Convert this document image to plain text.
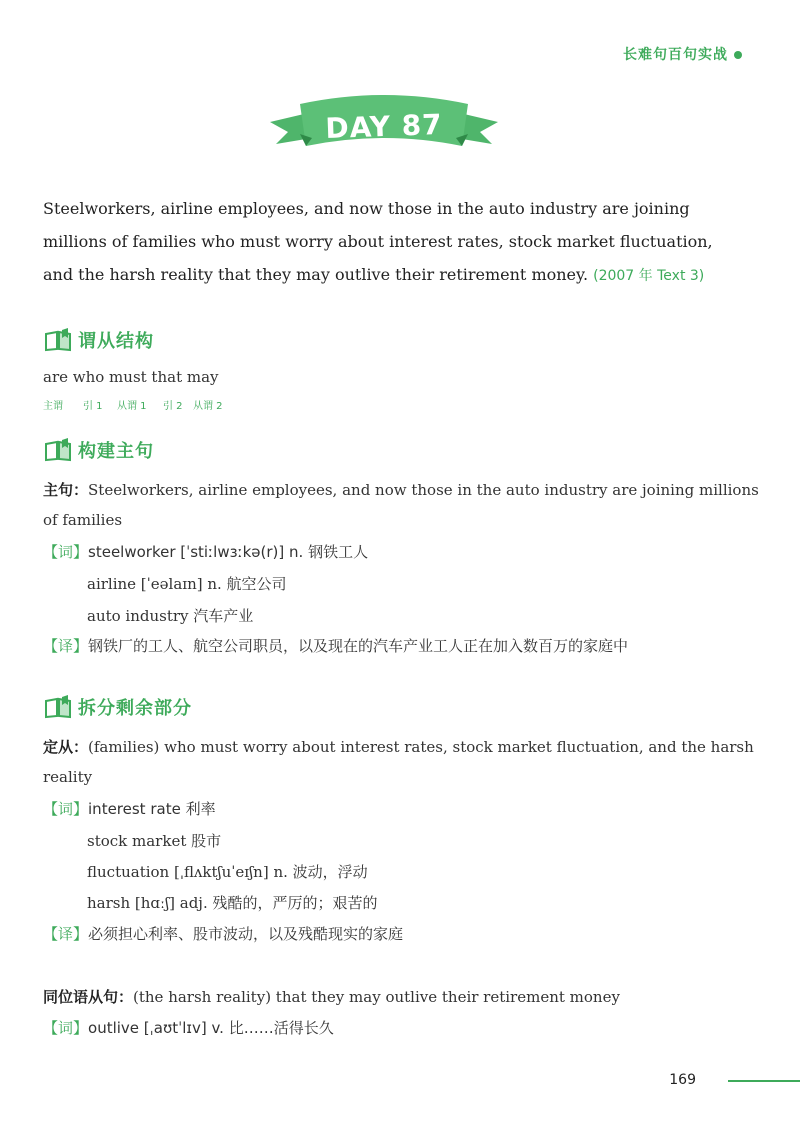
长难句百句实战
DAY 87

Steelworkers, airline employees, and now those in the auto industry are joining millions of families who must worry about interest rates, stock market fluctuation, and the harsh reality that they may outlive their retirement money. (2007 年 Text 3)

谓从结构
are who must that may
主谓 引 1 从谓 1 引 2 从谓 2
构建主句
主句：Steelworkers, airline employees, and now those in the auto industry are joining millions
of families
【词】steelworker [ˈstiːlwɜːkə(r)] n. 钢铁工人
airline [ˈeəlaɪn] n. 航空公司
auto industry 汽车产业
【译】钢铁厂的工人、航空公司职员，以及现在的汽车产业工人正在加入数百万的家庭中
拆分剩余部分
定从：(families) who must worry about interest rates, stock market fluctuation, and the harsh
reality
【词】interest rate 利率
stock market 股市
fluctuation [ˌflʌktʃuˈeɪʃn] n. 波动，浮动
harsh [hɑːʃ] adj. 残酷的，严厉的；艰苦的
【译】必须担心利率、股市波动，以及残酷现实的家庭
同位语从句：(the harsh reality) that they may outlive their retirement money
【词】outlive [ˌaʊtˈlɪv] v. 比……活得长久
169
